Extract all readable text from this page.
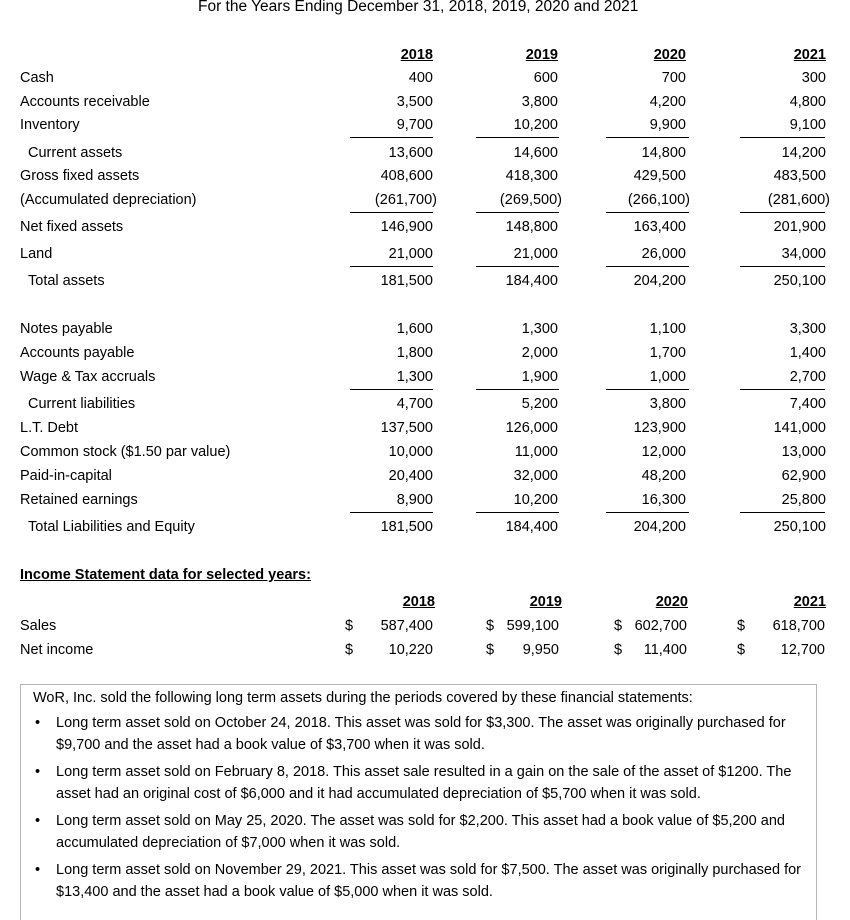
For the Years Ending December 31, 2018, 2019, 2020 and 2021
2018	2019	2020	2021
Cash	400	600	700	300
Accounts receivable	3,500	3,800	4,200	4,800
Inventory	9,700	10,200	9,900	9,100
Current assets	13,600	14,600	14,800	14,200
Gross fixed assets	408,600	418,300	429,500	483,500
(Accumulated depreciation)	(261,700)	(269,500)	(266,100)	(281,600)
Net fixed assets	146,900	148,800	163,400	201,900
Land	21,000	21,000	26,000	34,000
Total assets	181,500	184,400	204,200	250,100
Notes payable	1,600	1,300	1,100	3,300
Accounts payable	1,800	2,000	1,700	1,400
Wage & Tax accruals	1,300	1,900	1,000	2,700
Current liabilities	4,700	5,200	3,800	7,400
L.T. Debt	137,500	126,000	123,900	141,000
Common stock ($1.50 par value)	10,000	11,000	12,000	13,000
Paid-in-capital	20,400	32,000	48,200	62,900
Retained earnings	8,900	10,200	16,300	25,800
Total Liabilities and Equity	181,500	184,400	204,200	250,100
Income Statement data for selected years:
2018	2019	2020	2021
Sales	$ 587,400	$ 599,100	$ 602,700	$ 618,700
Net income	$ 10,220	$ 9,950	$ 11,400	$ 12,700
WoR, Inc. sold the following long term assets during the periods covered by these financial statements:
• Long term asset sold on October 24, 2018. This asset was sold for $3,300. The asset was originally purchased for $9,700 and the asset had a book value of $3,700 when it was sold.
• Long term asset sold on February 8, 2018. This asset sale resulted in a gain on the sale of the asset of $1200. The asset had an original cost of $6,000 and it had accumulated depreciation of $5,700 when it was sold.
• Long term asset sold on May 25, 2020. The asset was sold for $2,200. This asset had a book value of $5,200 and accumulated depreciation of $7,000 when it was sold.
• Long term asset sold on November 29, 2021. This asset was sold for $7,500. The asset was originally purchased for $13,400 and the asset had a book value of $5,000 when it was sold.
